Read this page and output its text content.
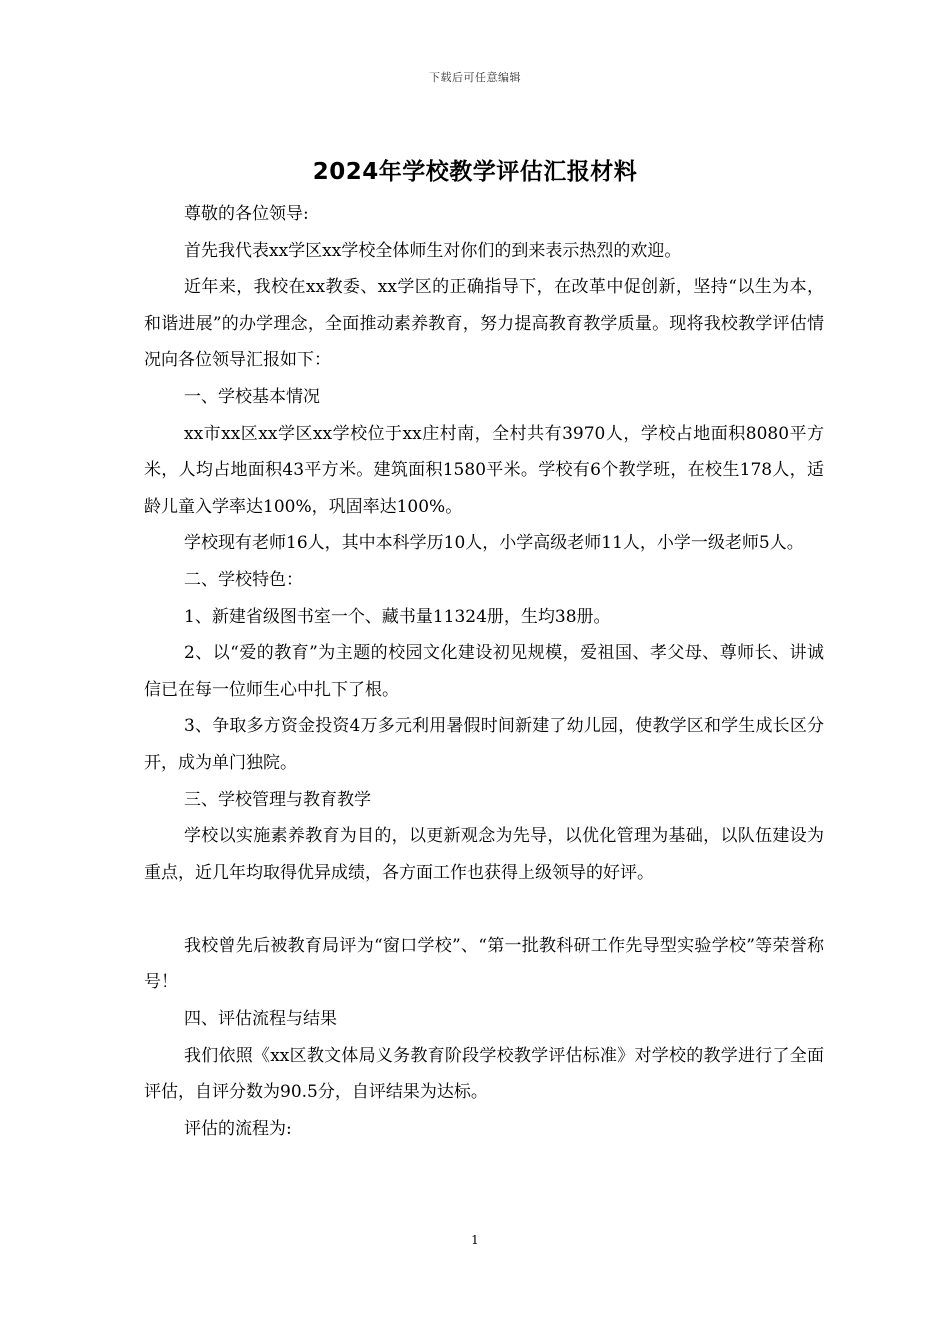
下载后可任意编辑
2024年学校教学评估汇报材料

尊敬的各位领导:

首先我代表xx学区xx学校全体师生对你们的到来表示热烈的欢迎。

近年来，我校在xx教委、xx学区的正确指导下，在改革中促创新，坚持“以生为本，和谐进展”的办学理念，全面推动素养教育，努力提高教育教学质量。现将我校教学评估情况向各位领导汇报如下：

一、学校基本情况

xx市xx区xx学区xx学校位于xx庄村南，全村共有3970人，学校占地面积8080平方米，人均占地面积43平方米。建筑面积1580平米。学校有6个教学班，在校生178人，适龄儿童入学率达100%，巩固率达100%。

学校现有老师16人，其中本科学历10人，小学高级老师11人，小学一级老师5人。

二、学校特色：

1、新建省级图书室一个、藏书量11324册，生均38册。

2、以“爱的教育”为主题的校园文化建设初见规模，爱祖国、孝父母、尊师长、讲诚信已在每一位师生心中扎下了根。

3、争取多方资金投资4万多元利用暑假时间新建了幼儿园，使教学区和学生成长区分开，成为单门独院。

三、学校管理与教育教学

学校以实施素养教育为目的，以更新观念为先导，以优化管理为基础，以队伍建设为重点，近几年均取得优异成绩，各方面工作也获得上级领导的好评。

我校曾先后被教育局评为“窗口学校”、“第一批教科研工作先导型实验学校”等荣誉称号！

四、评估流程与结果

我们依照《xx区教文体局义务教育阶段学校教学评估标准》对学校的教学进行了全面评估，自评分数为90.5分，自评结果为达标。

评估的流程为:

1
